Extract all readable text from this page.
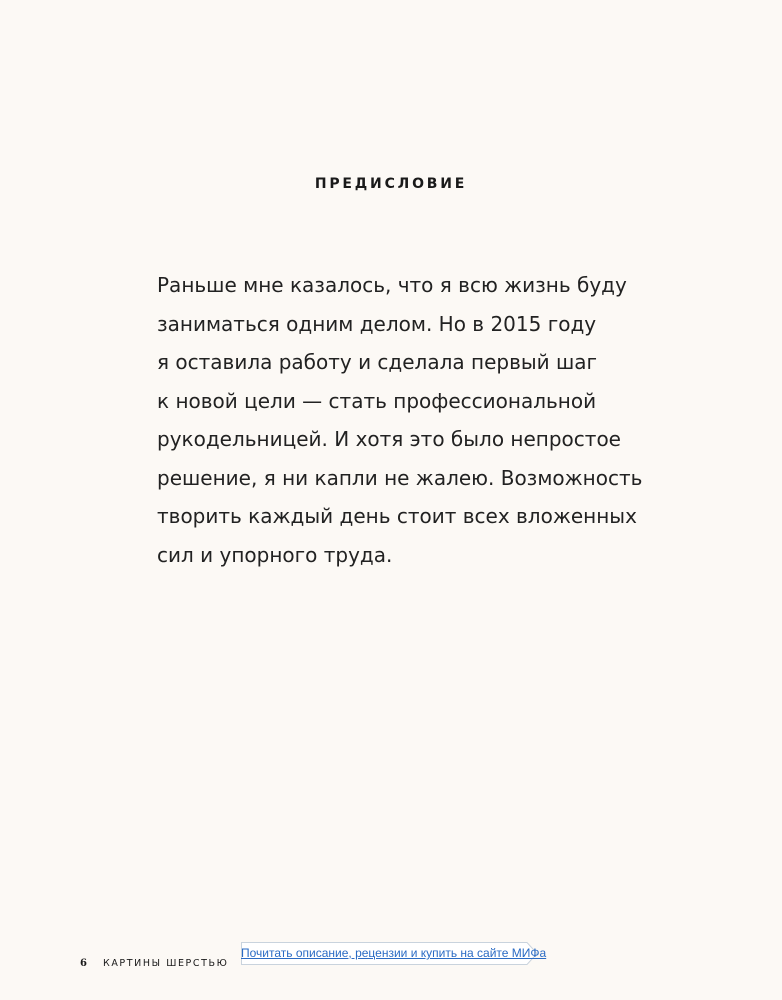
ПРЕДИСЛОВИЕ

Раньше мне казалось, что я всю жизнь буду
заниматься одним делом. Но в 2015 году
я оставила работу и сделала первый шаг
к новой цели — стать профессиональной
рукодельницей. И хотя это было непростое
решение, я ни капли не жалею. Возможность
творить каждый день стоит всех вложенных
сил и упорного труда.

6 КАРТИНЫ ШЕРСТЬЮ
Почитать описание, рецензии и купить на сайте МИФа
